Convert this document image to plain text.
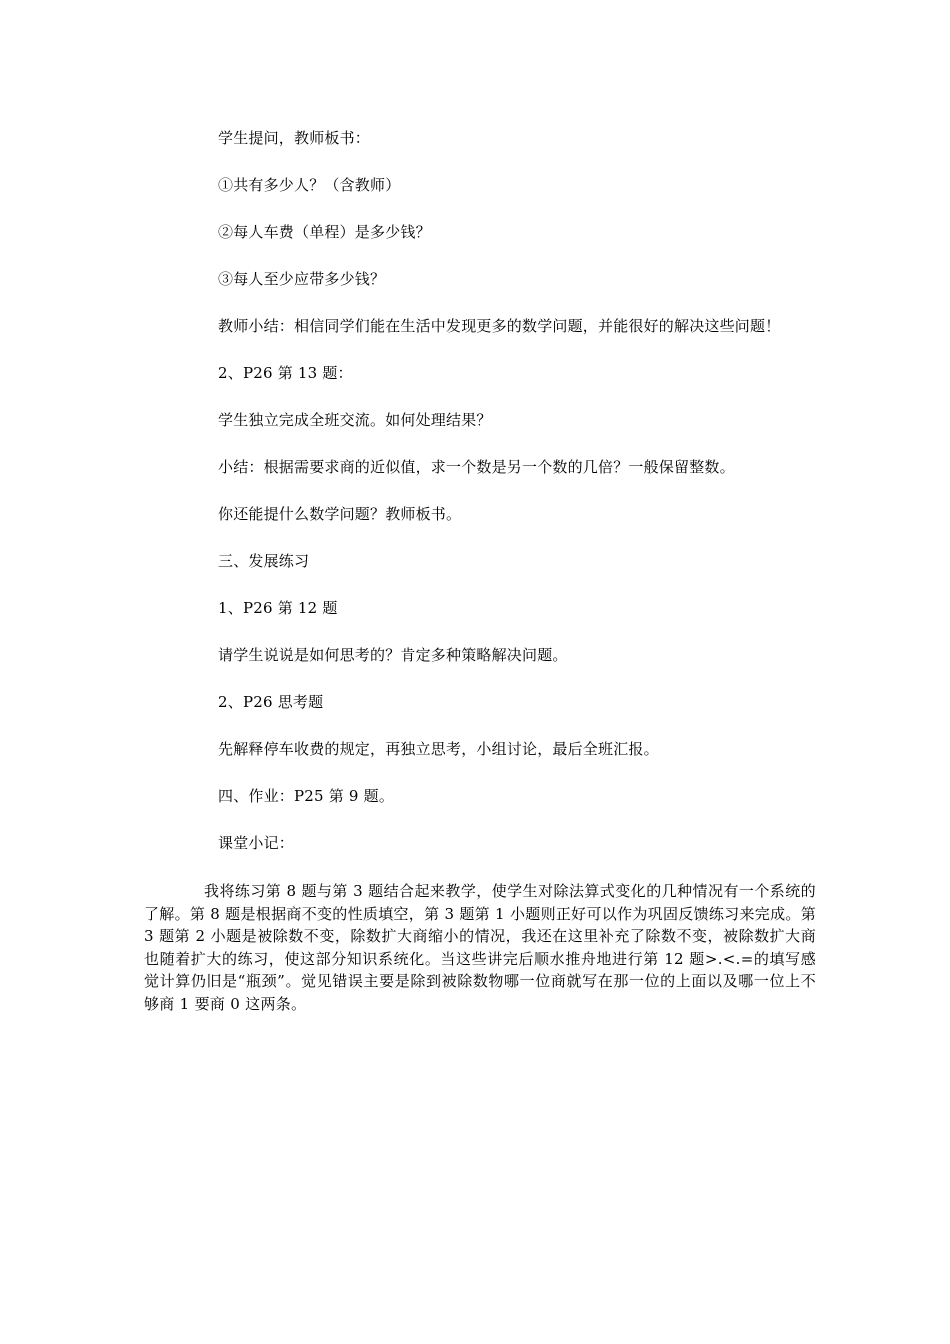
学生提问，教师板书：
①共有多少人？（含教师）
②每人车费（单程）是多少钱？
③每人至少应带多少钱？
教师小结：相信同学们能在生活中发现更多的数学问题，并能很好的解决这些问题！
2、P26 第 13 题：
学生独立完成全班交流。如何处理结果？
小结：根据需要求商的近似值，求一个数是另一个数的几倍？一般保留整数。
你还能提什么数学问题？教师板书。
三、发展练习
1、P26 第 12 题
请学生说说是如何思考的？肯定多种策略解决问题。
2、P26 思考题
先解释停车收费的规定，再独立思考，小组讨论，最后全班汇报。
四、作业：P25 第 9 题。
课堂小记：
我将练习第 8 题与第 3 题结合起来教学，使学生对除法算式变化的几种情况有一个系统的了解。第 8 题是根据商不变的性质填空，第 3 题第 1 小题则正好可以作为巩固反馈练习来完成。第 3 题第 2 小题是被除数不变，除数扩大商缩小的情况，我还在这里补充了除数不变，被除数扩大商也随着扩大的练习，使这部分知识系统化。当这些讲完后顺水推舟地进行第 12 题>.<.=的填写感觉计算仍旧是“瓶颈”。觉见错误主要是除到被除数物哪一位商就写在那一位的上面以及哪一位上不够商 1 要商 0 这两条。
